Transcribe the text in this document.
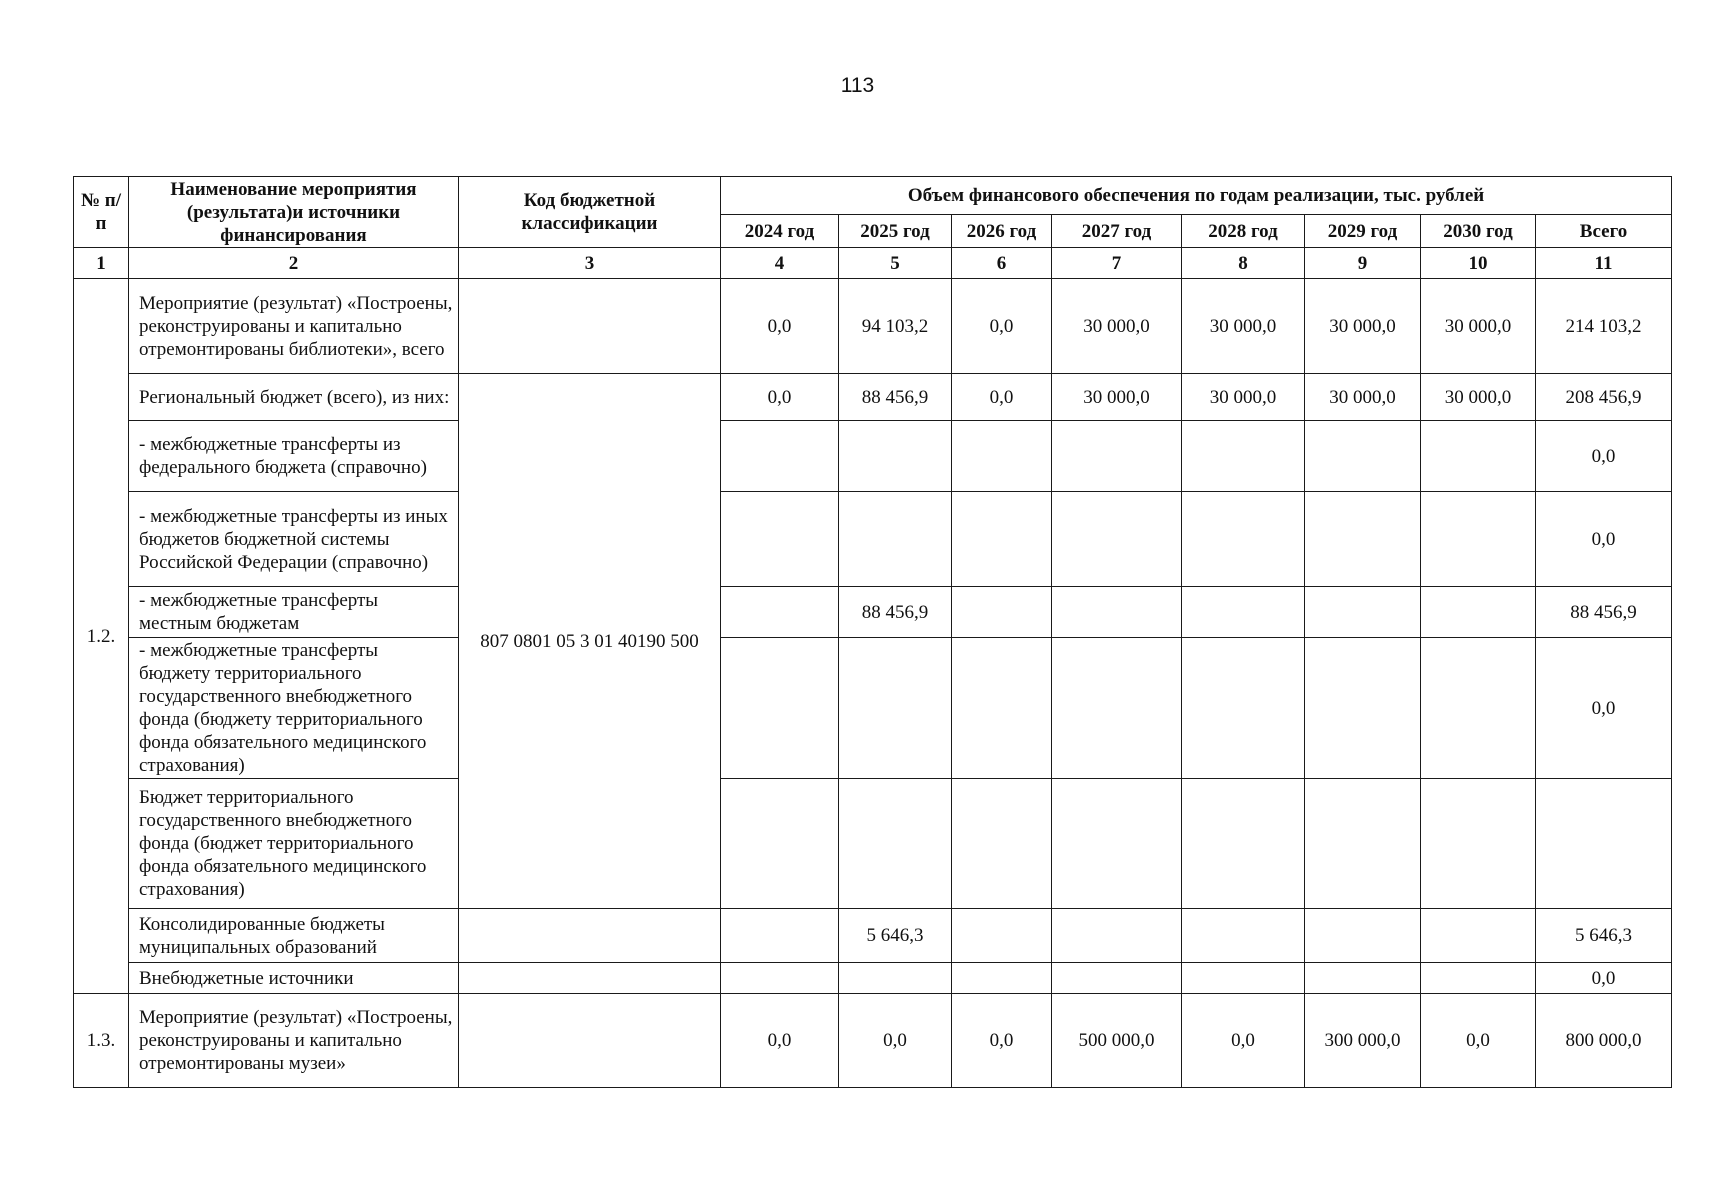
113
№ п/п	Наименование мероприятия (результата)и источники финансирования	Код бюджетной классификации	Объем финансового обеспечения по годам реализации, тыс. рублей								
			2024 год	2025 год	2026 год	2027 год	2028 год	2029 год	2030 год	Всего	
1	2	3	4	5	6	7	8	9	10	11	
1.2.	Мероприятие (результат) «Построены, реконструированы и капитально отремонтированы библиотеки», всего		0,0	94 103,2	0,0	30 000,0	30 000,0	30 000,0	30 000,0	214 103,2	
	Региональный бюджет (всего), из них:	807 0801 05 3 01 40190 500	0,0	88 456,9	0,0	30 000,0	30 000,0	30 000,0	30 000,0	208 456,9	
	- межбюджетные трансферты из федерального бюджета (справочно)									0,0	
	- межбюджетные трансферты из иных бюджетов бюджетной системы Российской Федерации (справочно)									0,0	
	- межбюджетные трансферты местным бюджетам			88 456,9						88 456,9	
	- межбюджетные трансферты бюджету территориального государственного внебюджетного фонда (бюджету территориального фонда обязательного медицинского страхования)									0,0	
	Бюджет территориального государственного внебюджетного фонда (бюджет территориального фонда обязательного медицинского страхования)									
	Консолидированные бюджеты муниципальных образований			5 646,3						5 646,3	
	Внебюджетные источники									0,0	
1.3.	Мероприятие (результат) «Построены, реконструированы и капитально отремонтированы музеи»		0,0	0,0	0,0	500 000,0	0,0	300 000,0	0,0	800 000,0	
